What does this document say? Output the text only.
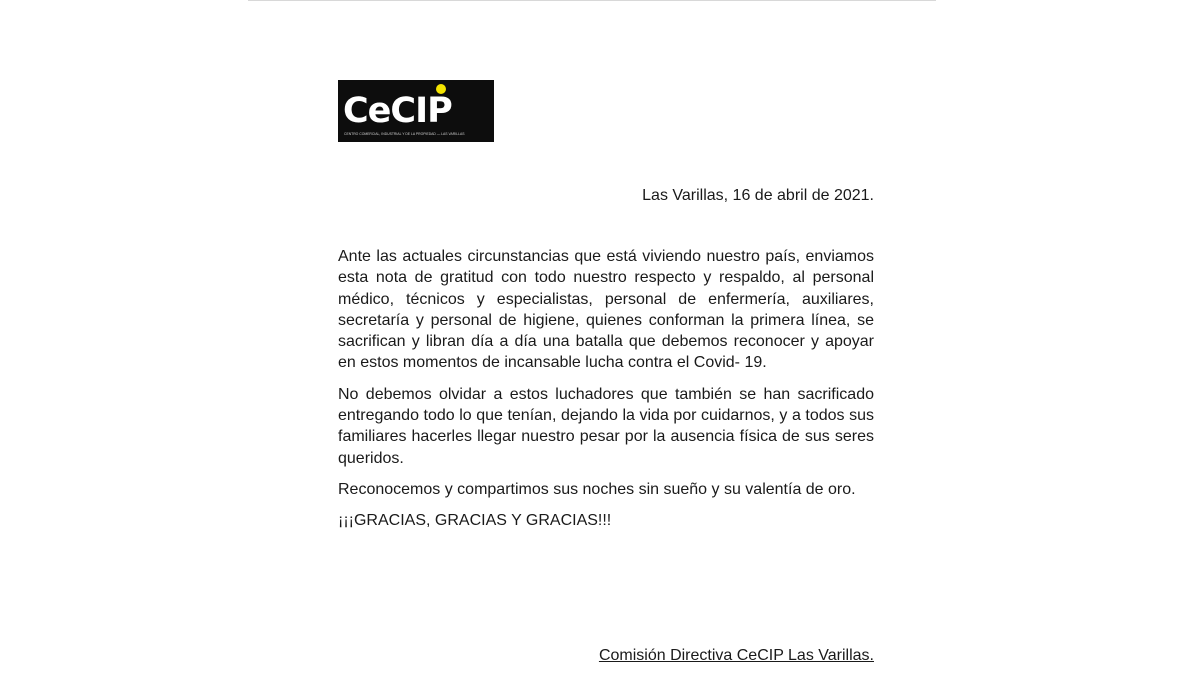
CeCIP
CENTRO COMERCIAL, INDUSTRIAL Y DE LA PROPIEDAD — LAS VARILLAS
Las Varillas, 16 de abril de 2021.

Ante las actuales circunstancias que está viviendo nuestro país, enviamos esta nota de gratitud con todo nuestro respecto y respaldo, al personal médico, técnicos y especialistas, personal de enfermería, auxiliares, secretaría y personal de higiene, quienes conforman la primera línea, se sacrifican y libran día a día una batalla que debemos reconocer y apoyar en estos momentos de incansable lucha contra el Covid- 19.

No debemos olvidar a estos luchadores que también se han sacrificado entregando todo lo que tenían, dejando la vida por cuidarnos, y a todos sus familiares hacerles llegar nuestro pesar por la ausencia física de sus seres queridos.

Reconocemos y compartimos sus noches sin sueño y su valentía de oro.

¡¡¡GRACIAS, GRACIAS Y GRACIAS!!!

Comisión Directiva CeCIP Las Varillas.
